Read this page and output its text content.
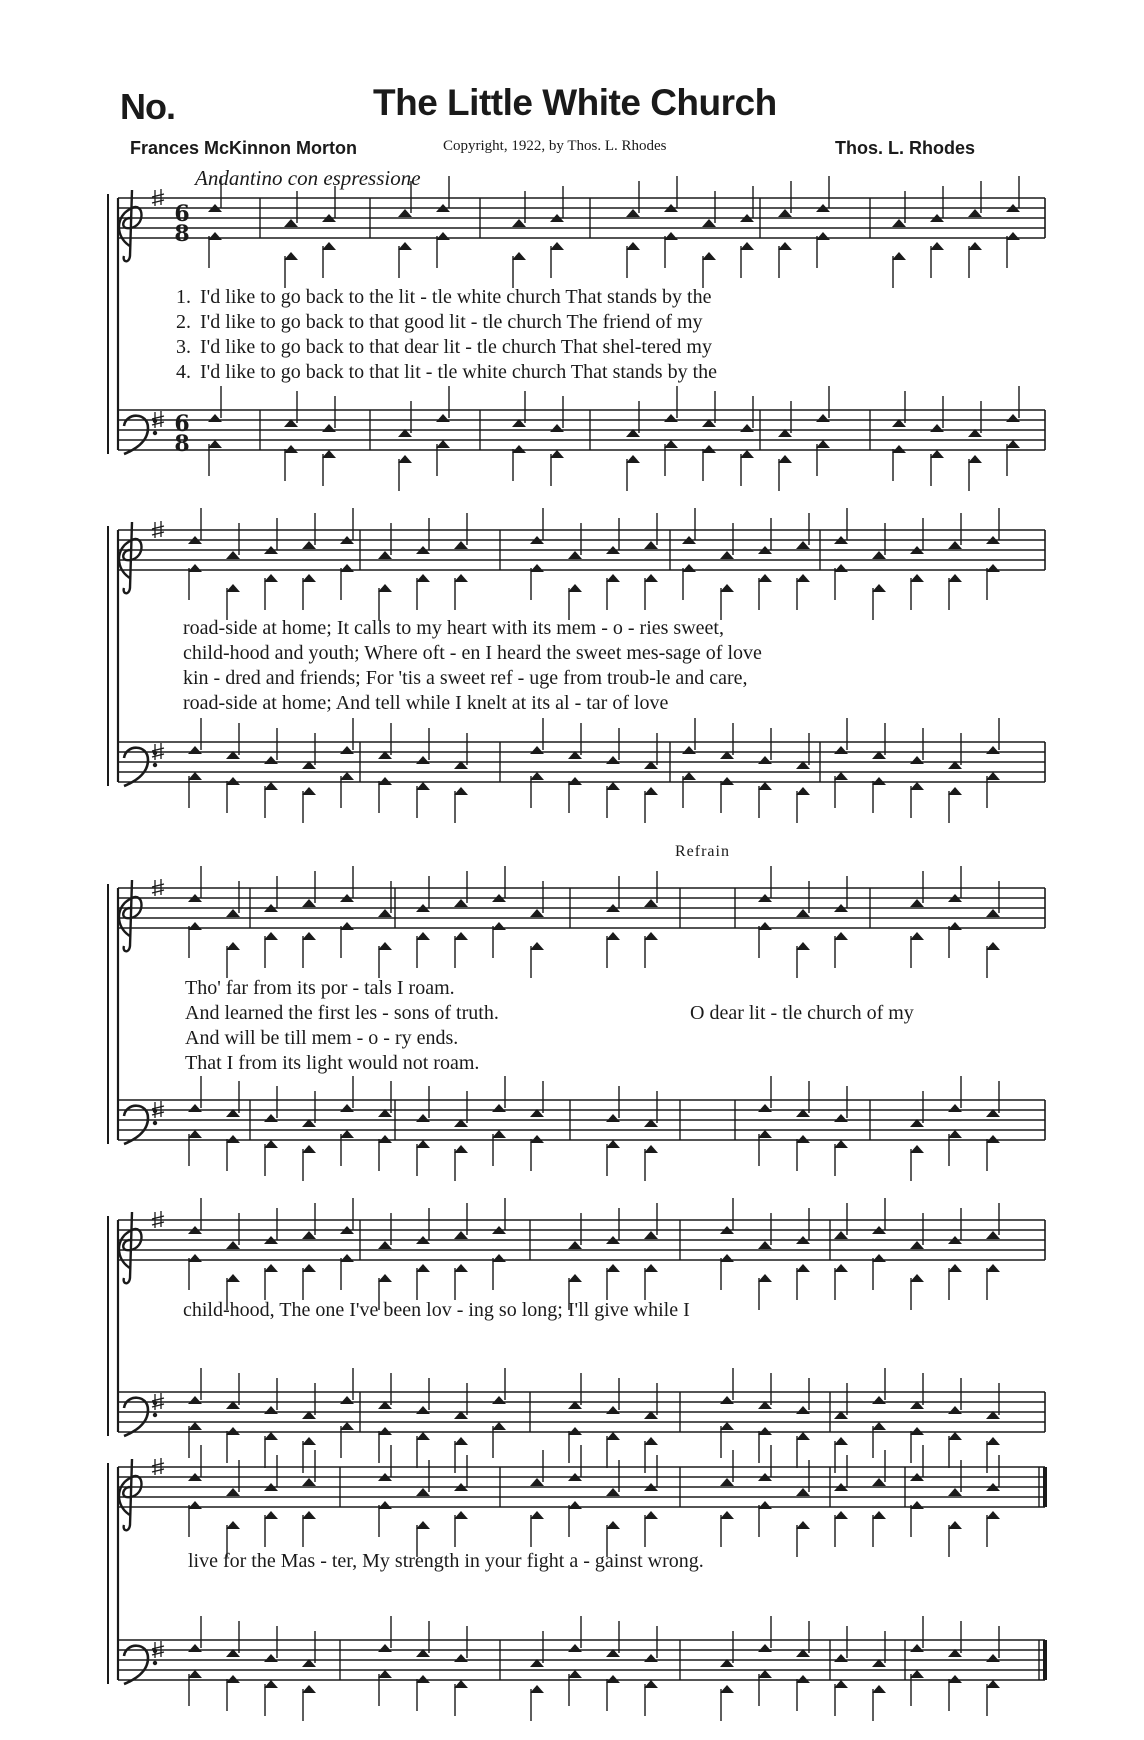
No.	The Little White Church
Frances McKinnon Morton	Copyright, 1922, by Thos. L. Rhodes	Thos. L. Rhodes
Andantino con espressione
Refrain
6
8
6
8
1. I'd like to go back to the lit - tle white church That stands by the
2. I'd like to go back to that good lit - tle church The friend of my
3. I'd like to go back to that dear lit - tle church That shel-tered my
4. I'd like to go back to that lit - tle white church That stands by the
road-side at home; It calls to my heart with its mem - o - ries sweet,
child-hood and youth; Where oft - en I heard the sweet mes-sage of love
kin - dred and friends; For 'tis a sweet ref - uge from troub-le and care,
road-side at home; And tell while I knelt at its al - tar of love
Tho' far from its por - tals I roam.
And learned the first les - sons of truth.
And will be till mem - o - ry ends.
That I from its light would not roam.
O dear lit - tle church of my
child-hood, The one I've been lov - ing so long; I'll give while I
live for the Mas - ter, My strength in your fight a - gainst wrong.
